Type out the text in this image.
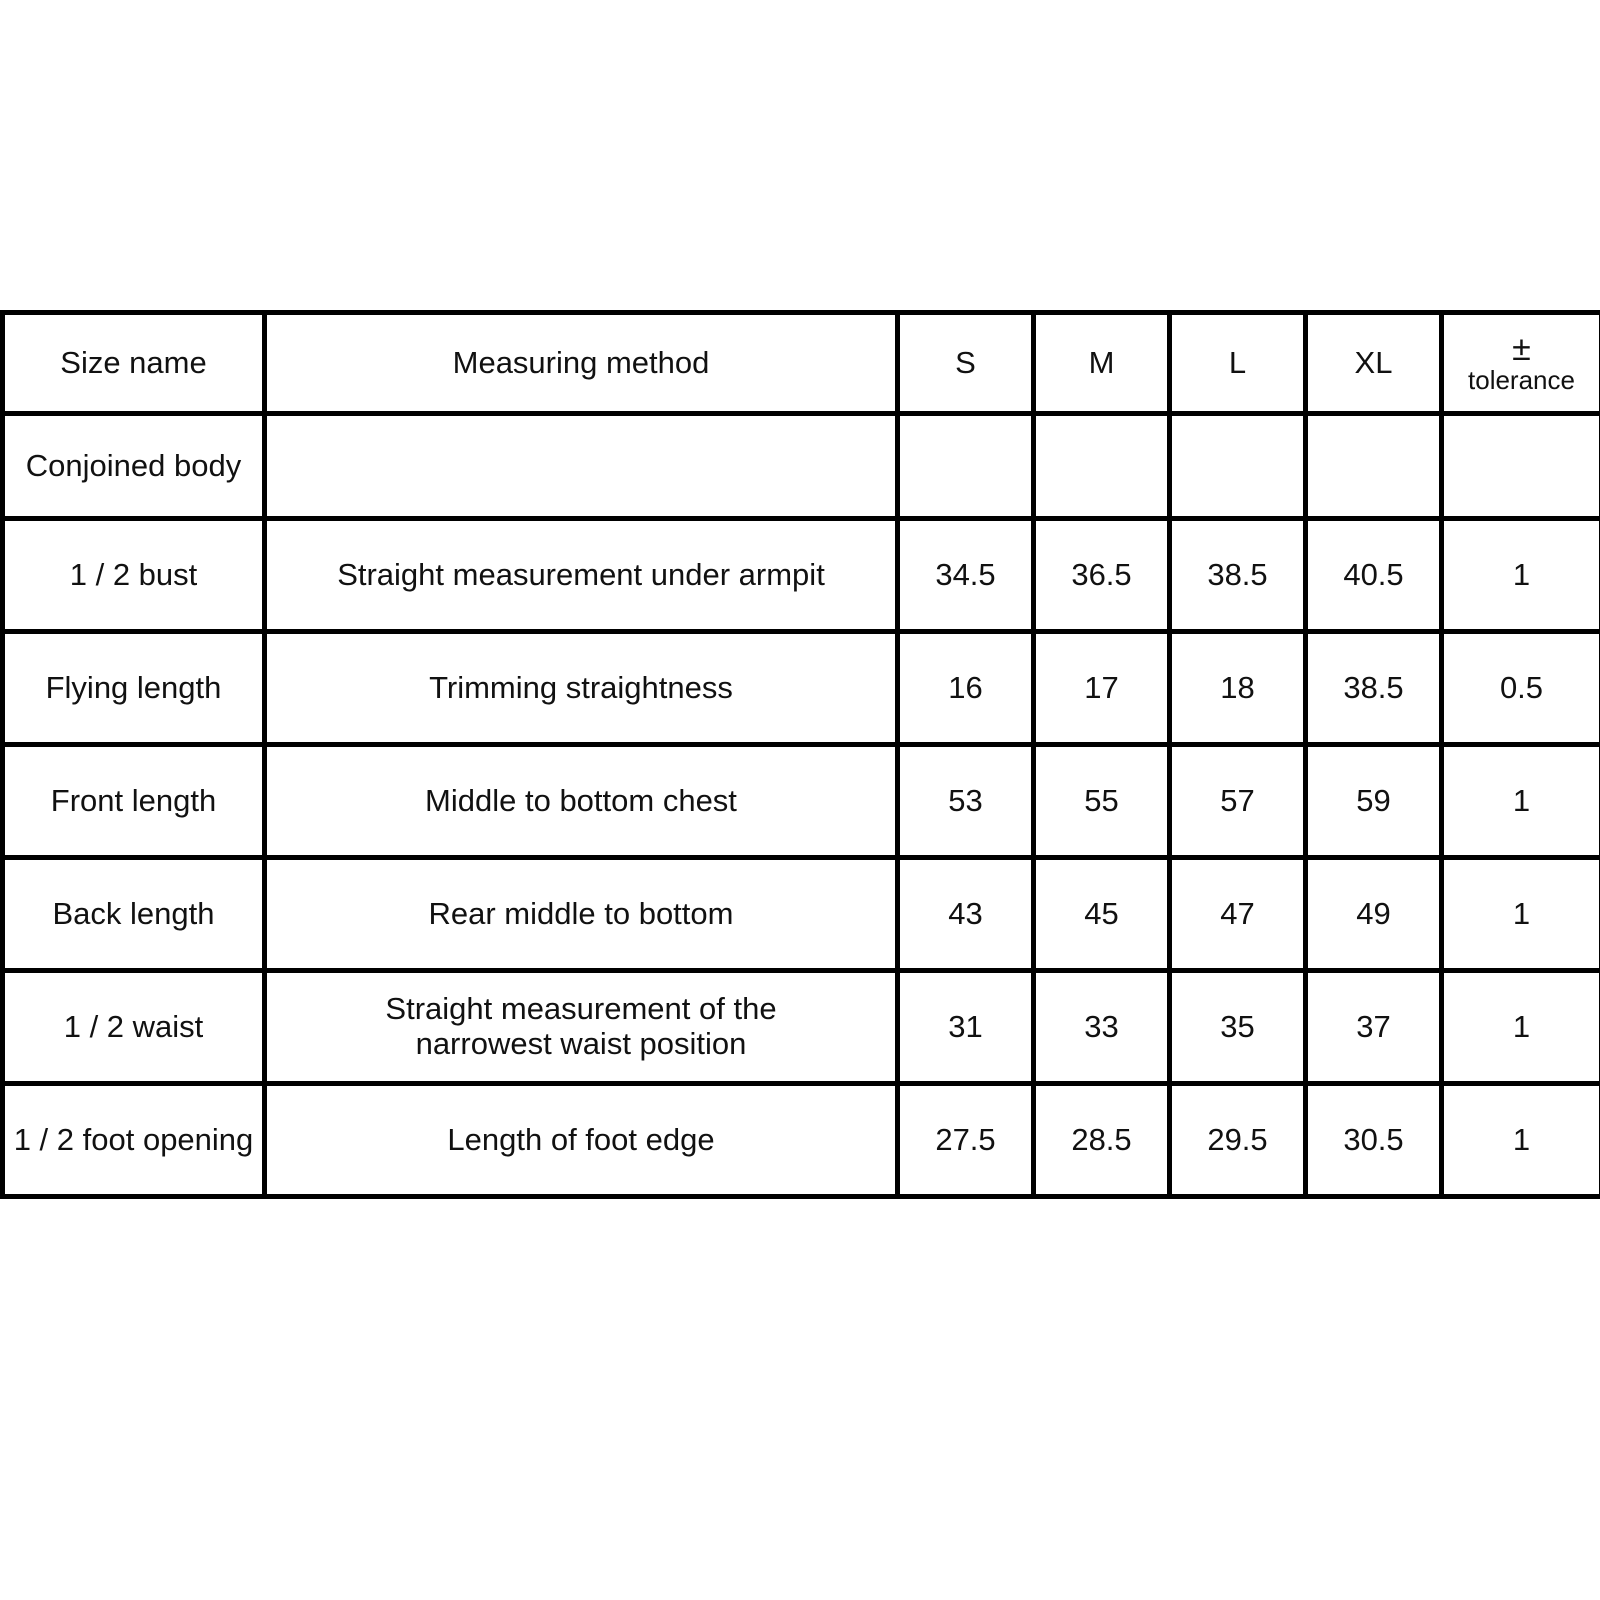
Size name	Measuring method	S	M	L	XL	±
tolerance

Conjoined body						
1 / 2 bust	Straight measurement under armpit	34.5	36.5	38.5	40.5	1
Flying length	Trimming straightness	16	17	18	38.5	0.5
Front length	Middle to bottom chest	53	55	57	59	1
Back length	Rear middle to bottom	43	45	47	49	1
1 / 2 waist	Straight measurement of the
narrowest waist position	31	33	35	37	1
1 / 2 foot opening	Length of foot edge	27.5	28.5	29.5	30.5	1
